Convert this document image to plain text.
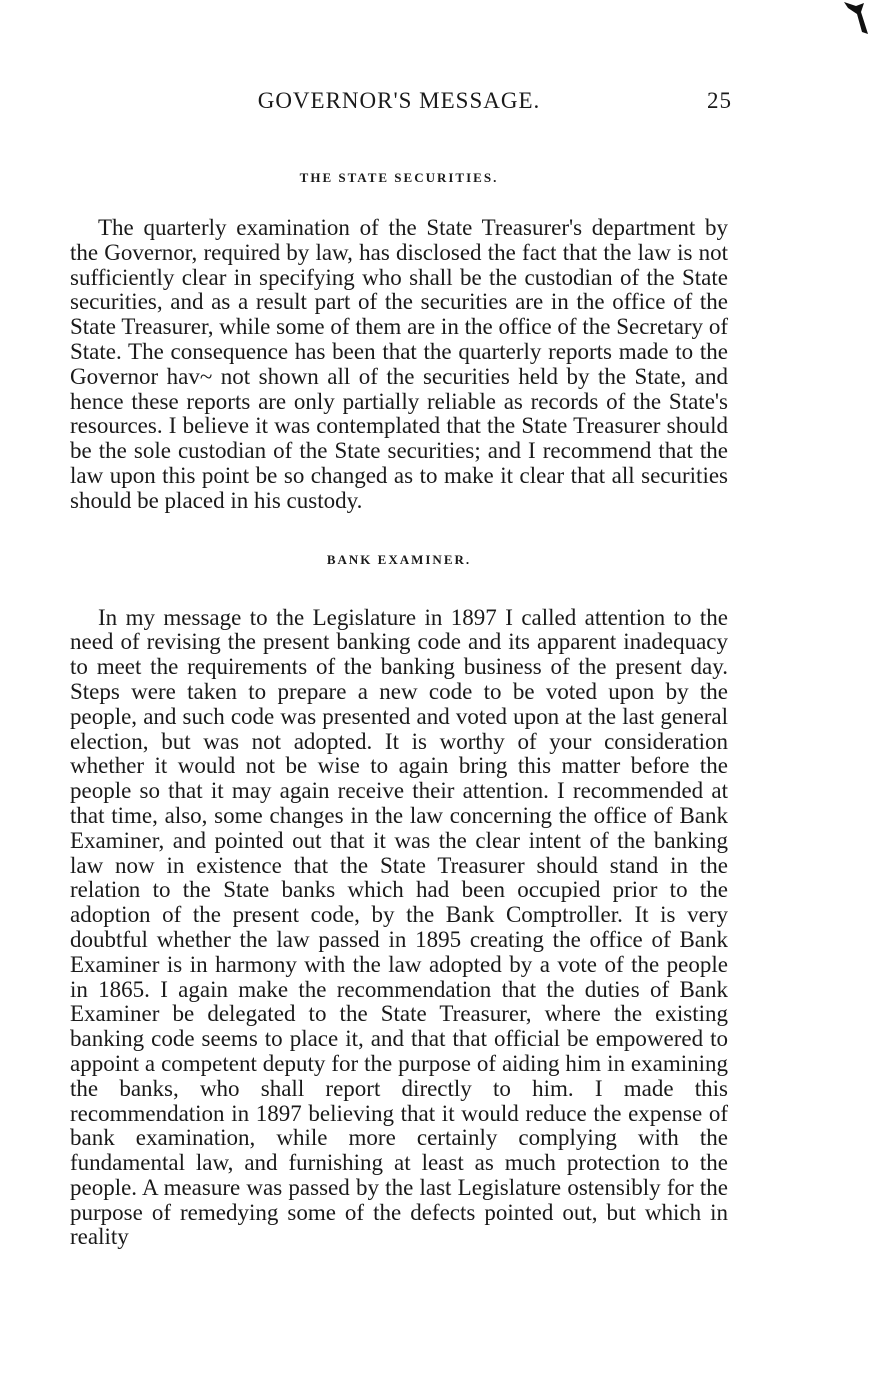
GOVERNOR'S MESSAGE.	25
THE STATE SECURITIES.

The quarterly examination of the State Treasurer's department by the Governor, required by law, has disclosed the fact that the law is not sufficiently clear in specifying who shall be the custodian of the State securities, and as a result part of the securities are in the office of the State Treasurer, while some of them are in the office of the Secretary of State. The consequence has been that the quarterly reports made to the Governor hav~ not shown all of the securities held by the State, and hence these reports are only partially reliable as records of the State's resources. I believe it was contemplated that the State Treasurer should be the sole custodian of the State securities; and I recommend that the law upon this point be so changed as to make it clear that all securities should be placed in his custody.

BANK EXAMINER.

In my message to the Legislature in 1897 I called attention to the need of revising the present banking code and its apparent inadequacy to meet the requirements of the banking business of the present day. Steps were taken to prepare a new code to be voted upon by the people, and such code was presented and voted upon at the last general election, but was not adopted. It is worthy of your consideration whether it would not be wise to again bring this matter before the people so that it may again receive their attention. I recommended at that time, also, some changes in the law concerning the office of Bank Examiner, and pointed out that it was the clear intent of the banking law now in existence that the State Treasurer should stand in the relation to the State banks which had been occupied prior to the adoption of the present code, by the Bank Comptroller. It is very doubtful whether the law passed in 1895 creating the office of Bank Examiner is in harmony with the law adopted by a vote of the people in 1865. I again make the recommendation that the duties of Bank Examiner be delegated to the State Treasurer, where the existing banking code seems to place it, and that that official be empowered to appoint a competent deputy for the purpose of aiding him in examining the banks, who shall report directly to him. I made this recommendation in 1897 believing that it would reduce the expense of bank examination, while more certainly complying with the fundamental law, and furnishing at least as much protection to the people. A measure was passed by the last Legislature ostensibly for the purpose of remedying some of the defects pointed out, but which in reality
